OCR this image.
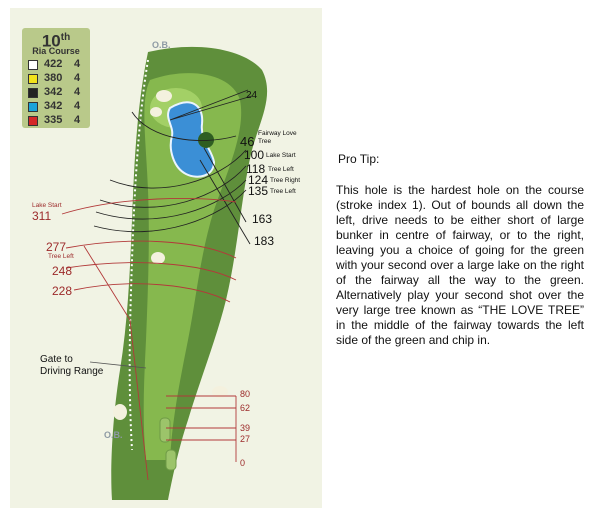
10th
Ria Course
422 4
380 4
342 4
342 4
335 4
O.B.
O.B.
24
46
Fairway Love
Tree
100 Lake Start
118 Tree Left
124 Tree Right
135 Tree Left
163
183
Lake Start
311
277
Tree Left
248
228
Gate to
Driving Range
80
62
39
27
0
Pro Tip:
This hole is the hardest hole on the course (stroke index 1). Out of bounds all down the left, drive needs to be either short of large bunker in centre of fairway, or to the right, leaving you a choice of going for the green with your second over a large lake on the right of the fairway all the way to the green. Alternatively play your second shot over the very large tree known as “THE LOVE TREE” in the middle of the fairway towards the left side of the green and chip in.
